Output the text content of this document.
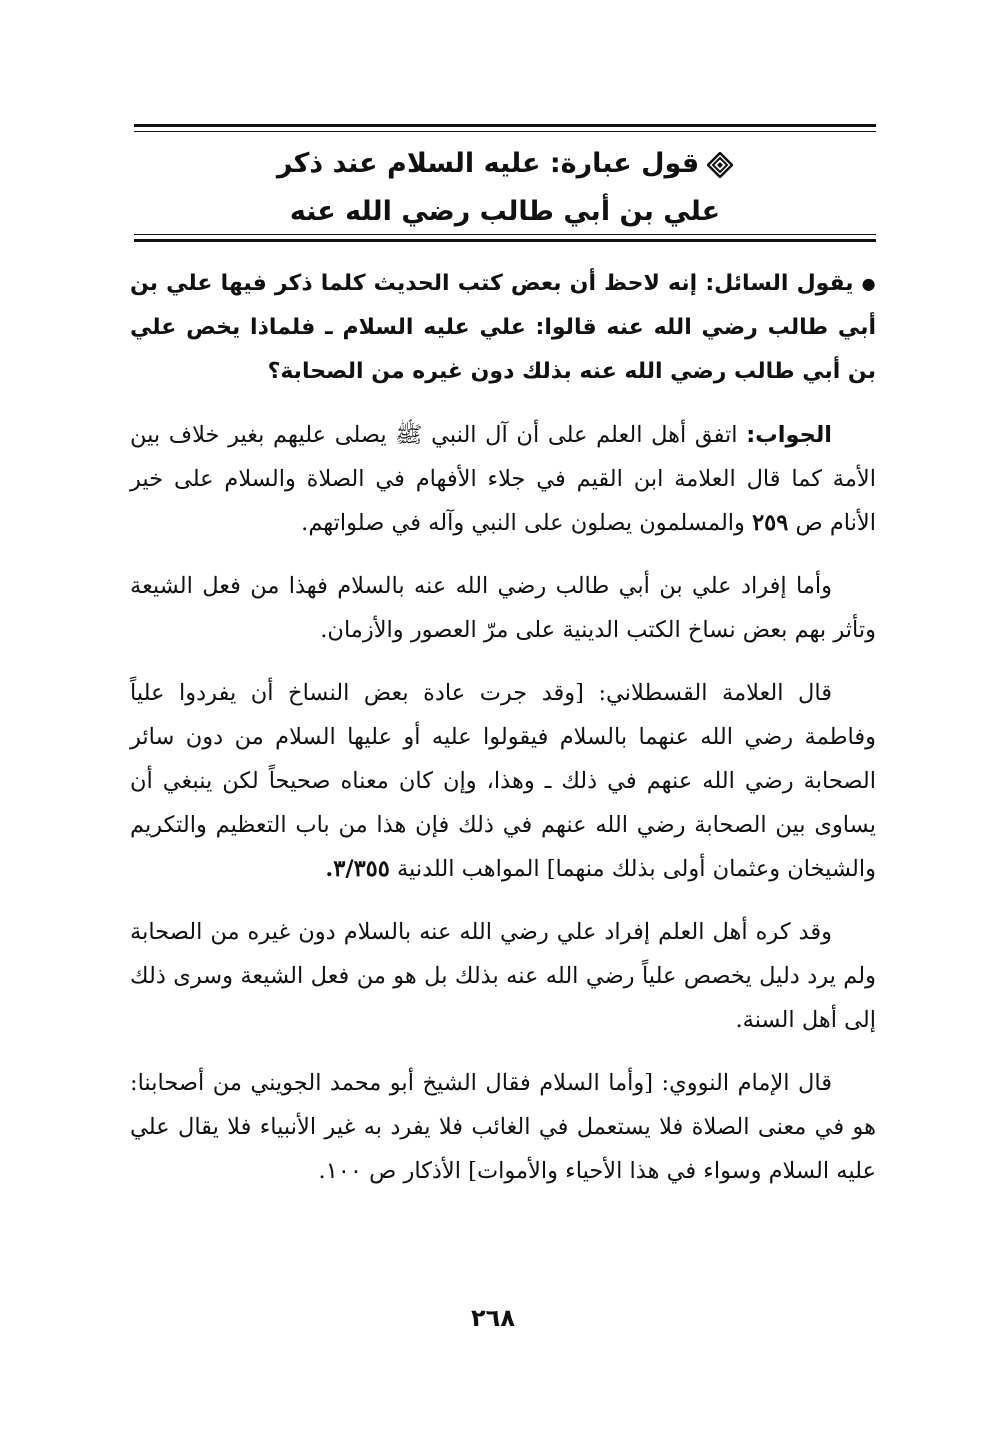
قول عبارة: عليه السلام عند ذكر
علي بن أبي طالب رضي الله عنه

●يقول السائل: إنه لاحظ أن بعض كتب الحديث كلما ذكر فيها علي بن أبي طالب رضي الله عنه قالوا: علي عليه السلام ـ فلماذا يخص علي بن أبي طالب رضي الله عنه بذلك دون غيره من الصحابة؟

الجواب: اتفق أهل العلم على أن آل النبي ﷺ يصلى عليهم بغير خلاف بين الأمة كما قال العلامة ابن القيم في جلاء الأفهام في الصلاة والسلام على خير الأنام ص ٢٥٩ والمسلمون يصلون على النبي وآله في صلواتهم.

وأما إفراد علي بن أبي طالب رضي الله عنه بالسلام فهذا من فعل الشيعة وتأثر بهم بعض نساخ الكتب الدينية على مرّ العصور والأزمان.

قال العلامة القسطلاني: [وقد جرت عادة بعض النساخ أن يفردوا علياً وفاطمة رضي الله عنهما بالسلام فيقولوا عليه أو عليها السلام من دون سائر الصحابة رضي الله عنهم في ذلك ـ وهذا، وإن كان معناه صحيحاً لكن ينبغي أن يساوى بين الصحابة رضي الله عنهم في ذلك فإن هذا من باب التعظيم والتكريم والشيخان وعثمان أولى بذلك منهما] المواهب اللدنية ٣/٣٥٥.

وقد كره أهل العلم إفراد علي رضي الله عنه بالسلام دون غيره من الصحابة ولم يرد دليل يخصص علياً رضي الله عنه بذلك بل هو من فعل الشيعة وسرى ذلك إلى أهل السنة.

قال الإمام النووي: [وأما السلام فقال الشيخ أبو محمد الجويني من أصحابنا: هو في معنى الصلاة فلا يستعمل في الغائب فلا يفرد به غير الأنبياء فلا يقال علي عليه السلام وسواء في هذا الأحياء والأموات] الأذكار ص ١٠٠.

٢٦٨
